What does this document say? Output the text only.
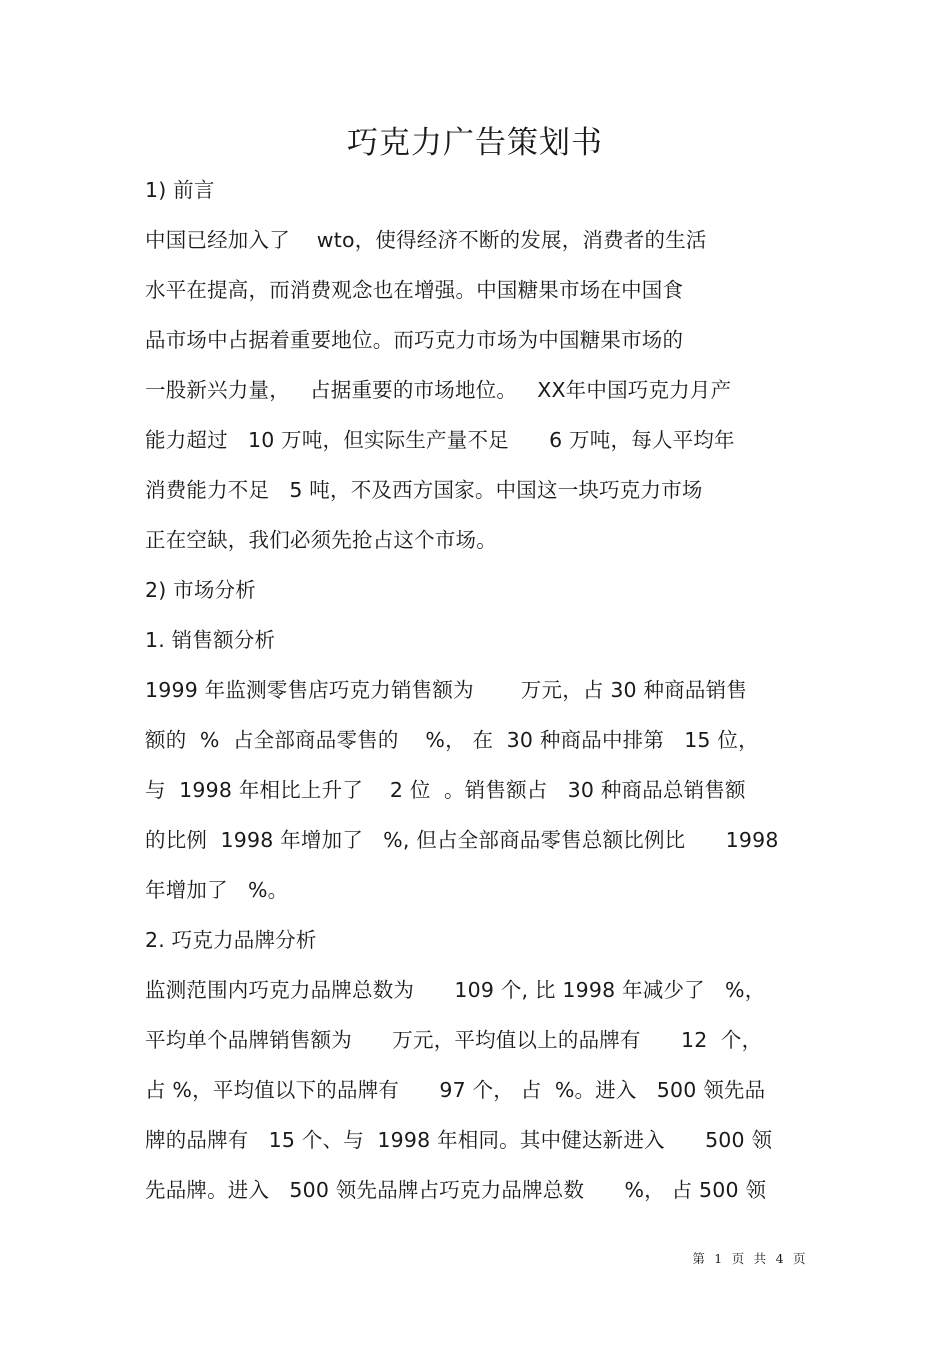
巧克力广告策划书
1) 前言
中国已经加入了    wto，使得经济不断的发展，消费者的生活
水平在提高，而消费观念也在增强。中国糖果市场在中国食
品市场中占据着重要地位。而巧克力市场为中国糖果市场的
一股新兴力量，   占据重要的市场地位。   XX年中国巧克力月产
能力超过   10 万吨，但实际生产量不足      6 万吨，每人平均年
消费能力不足   5 吨，不及西方国家。中国这一块巧克力市场
正在空缺，我们必须先抢占这个市场。
2) 市场分析
1. 销售额分析
1999 年监测零售店巧克力销售额为       万元，占 30 种商品销售
额的  %  占全部商品零售的    %， 在  30 种商品中排第   15 位，
与  1998 年相比上升了    2 位  。销售额占   30 种商品总销售额
的比例  1998 年增加了   %, 但占全部商品零售总额比例比      1998
年增加了   %。
2. 巧克力品牌分析
监测范围内巧克力品牌总数为      109 个, 比 1998 年减少了   %，
平均单个品牌销售额为      万元，平均值以上的品牌有      12  个，
占 %，平均值以下的品牌有      97 个， 占  %。进入   500 领先品
牌的品牌有   15 个、与  1998 年相同。其中健达新进入      500 领
先品牌。进入   500 领先品牌占巧克力品牌总数      %， 占 500 领
第  1  页  共  4  页
